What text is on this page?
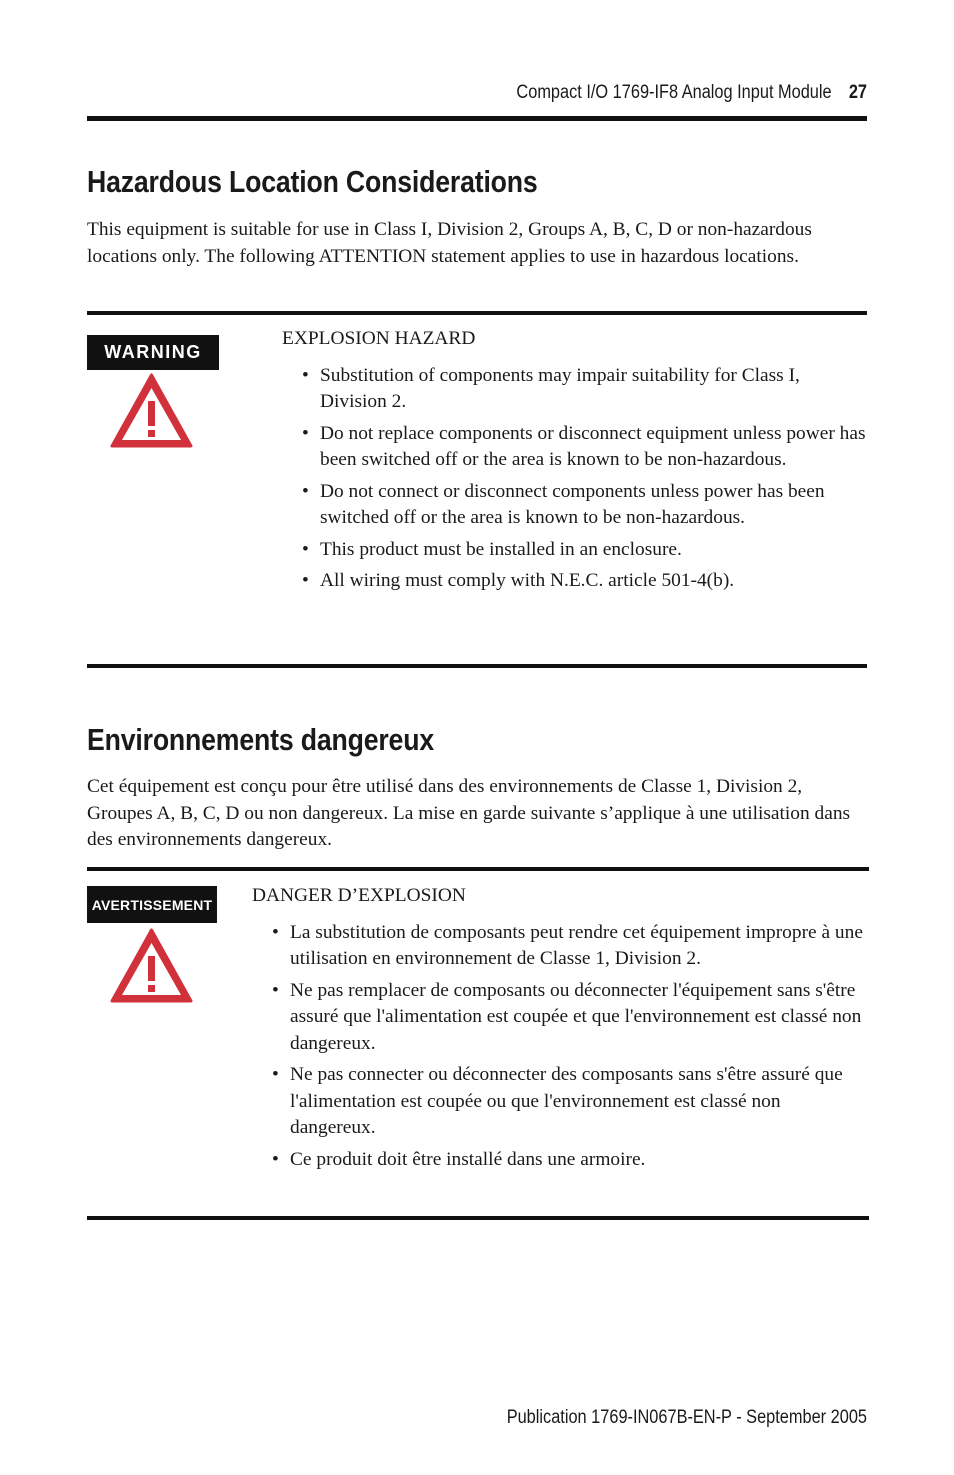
Compact I/O 1769-IF8 Analog Input Module 27
Hazardous Location Considerations

This equipment is suitable for use in Class I, Division 2, Groups A, B, C, D or non-hazardous locations only. The following ATTENTION statement applies to use in hazardous locations.

WARNING

EXPLOSION HAZARD

• Substitution of components may impair suitability for Class I, Division 2.
• Do not replace components or disconnect equipment unless power has been switched off or the area is known to be non-hazardous.
• Do not connect or disconnect components unless power has been switched off or the area is known to be non-hazardous.
• This product must be installed in an enclosure.
• All wiring must comply with N.E.C. article 501-4(b).
Environnements dangereux

Cet équipement est conçu pour être utilisé dans des environnements de Classe 1, Division 2, Groupes A, B, C, D ou non dangereux. La mise en garde suivante s’applique à une utilisation dans des environnements dangereux.

AVERTISSEMENT DANGER D’EXPLOSION

• La substitution de composants peut rendre cet équipement impropre à une utilisation en environnement de Classe 1, Division 2.
• Ne pas remplacer de composants ou déconnecter l'équipement sans s'être assuré que l'alimentation est coupée et que l'environnement est classé non dangereux.
• Ne pas connecter ou déconnecter des composants sans s'être assuré que l'alimentation est coupée ou que l'environnement est classé non dangereux.
• Ce produit doit être installé dans une armoire.
Publication 1769-IN067B-EN-P - September 2005
